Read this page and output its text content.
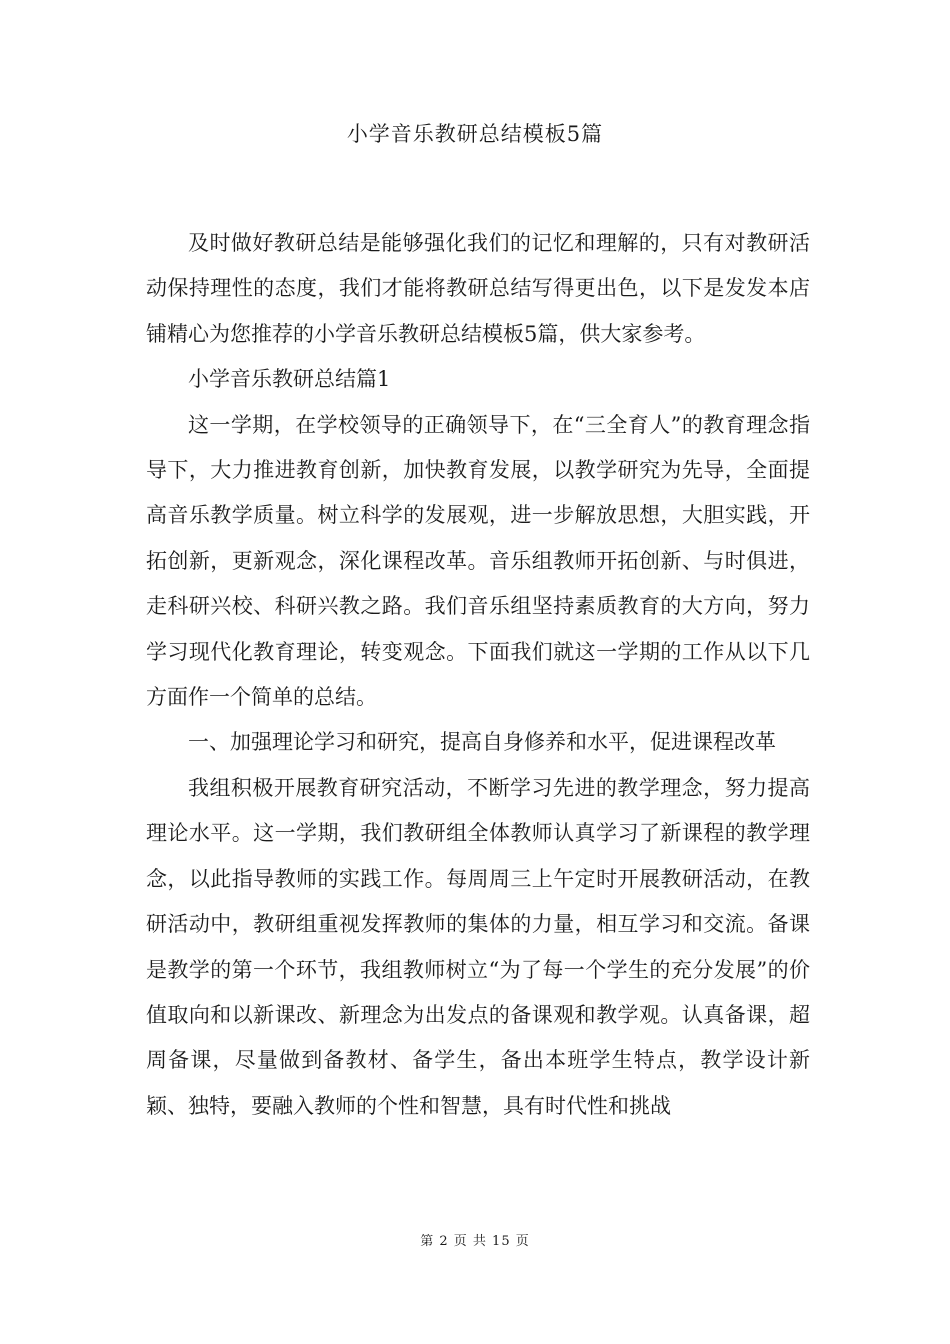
小学音乐教研总结模板5篇

及时做好教研总结是能够强化我们的记忆和理解的，只有对教研活动保持理性的态度，我们才能将教研总结写得更出色，以下是发发本店铺精心为您推荐的小学音乐教研总结模板5篇，供大家参考。

小学音乐教研总结篇1

这一学期，在学校领导的正确领导下，在“三全育人”的教育理念指导下，大力推进教育创新，加快教育发展，以教学研究为先导，全面提高音乐教学质量。树立科学的发展观，进一步解放思想，大胆实践，开拓创新，更新观念，深化课程改革。音乐组教师开拓创新、与时俱进，走科研兴校、科研兴教之路。我们音乐组坚持素质教育的大方向，努力学习现代化教育理论，转变观念。下面我们就这一学期的工作从以下几方面作一个简单的总结。

一、加强理论学习和研究，提高自身修养和水平，促进课程改革

我组积极开展教育研究活动，不断学习先进的教学理念，努力提高理论水平。这一学期，我们教研组全体教师认真学习了新课程的教学理念，以此指导教师的实践工作。每周周三上午定时开展教研活动，在教研活动中，教研组重视发挥教师的集体的力量，相互学习和交流。备课是教学的第一个环节，我组教师树立“为了每一个学生的充分发展”的价值取向和以新课改、新理念为出发点的备课观和教学观。认真备课，超周备课，尽量做到备教材、备学生，备出本班学生特点，教学设计新颖、独特，要融入教师的个性和智慧，具有时代性和挑战

第 2 页 共 15 页
